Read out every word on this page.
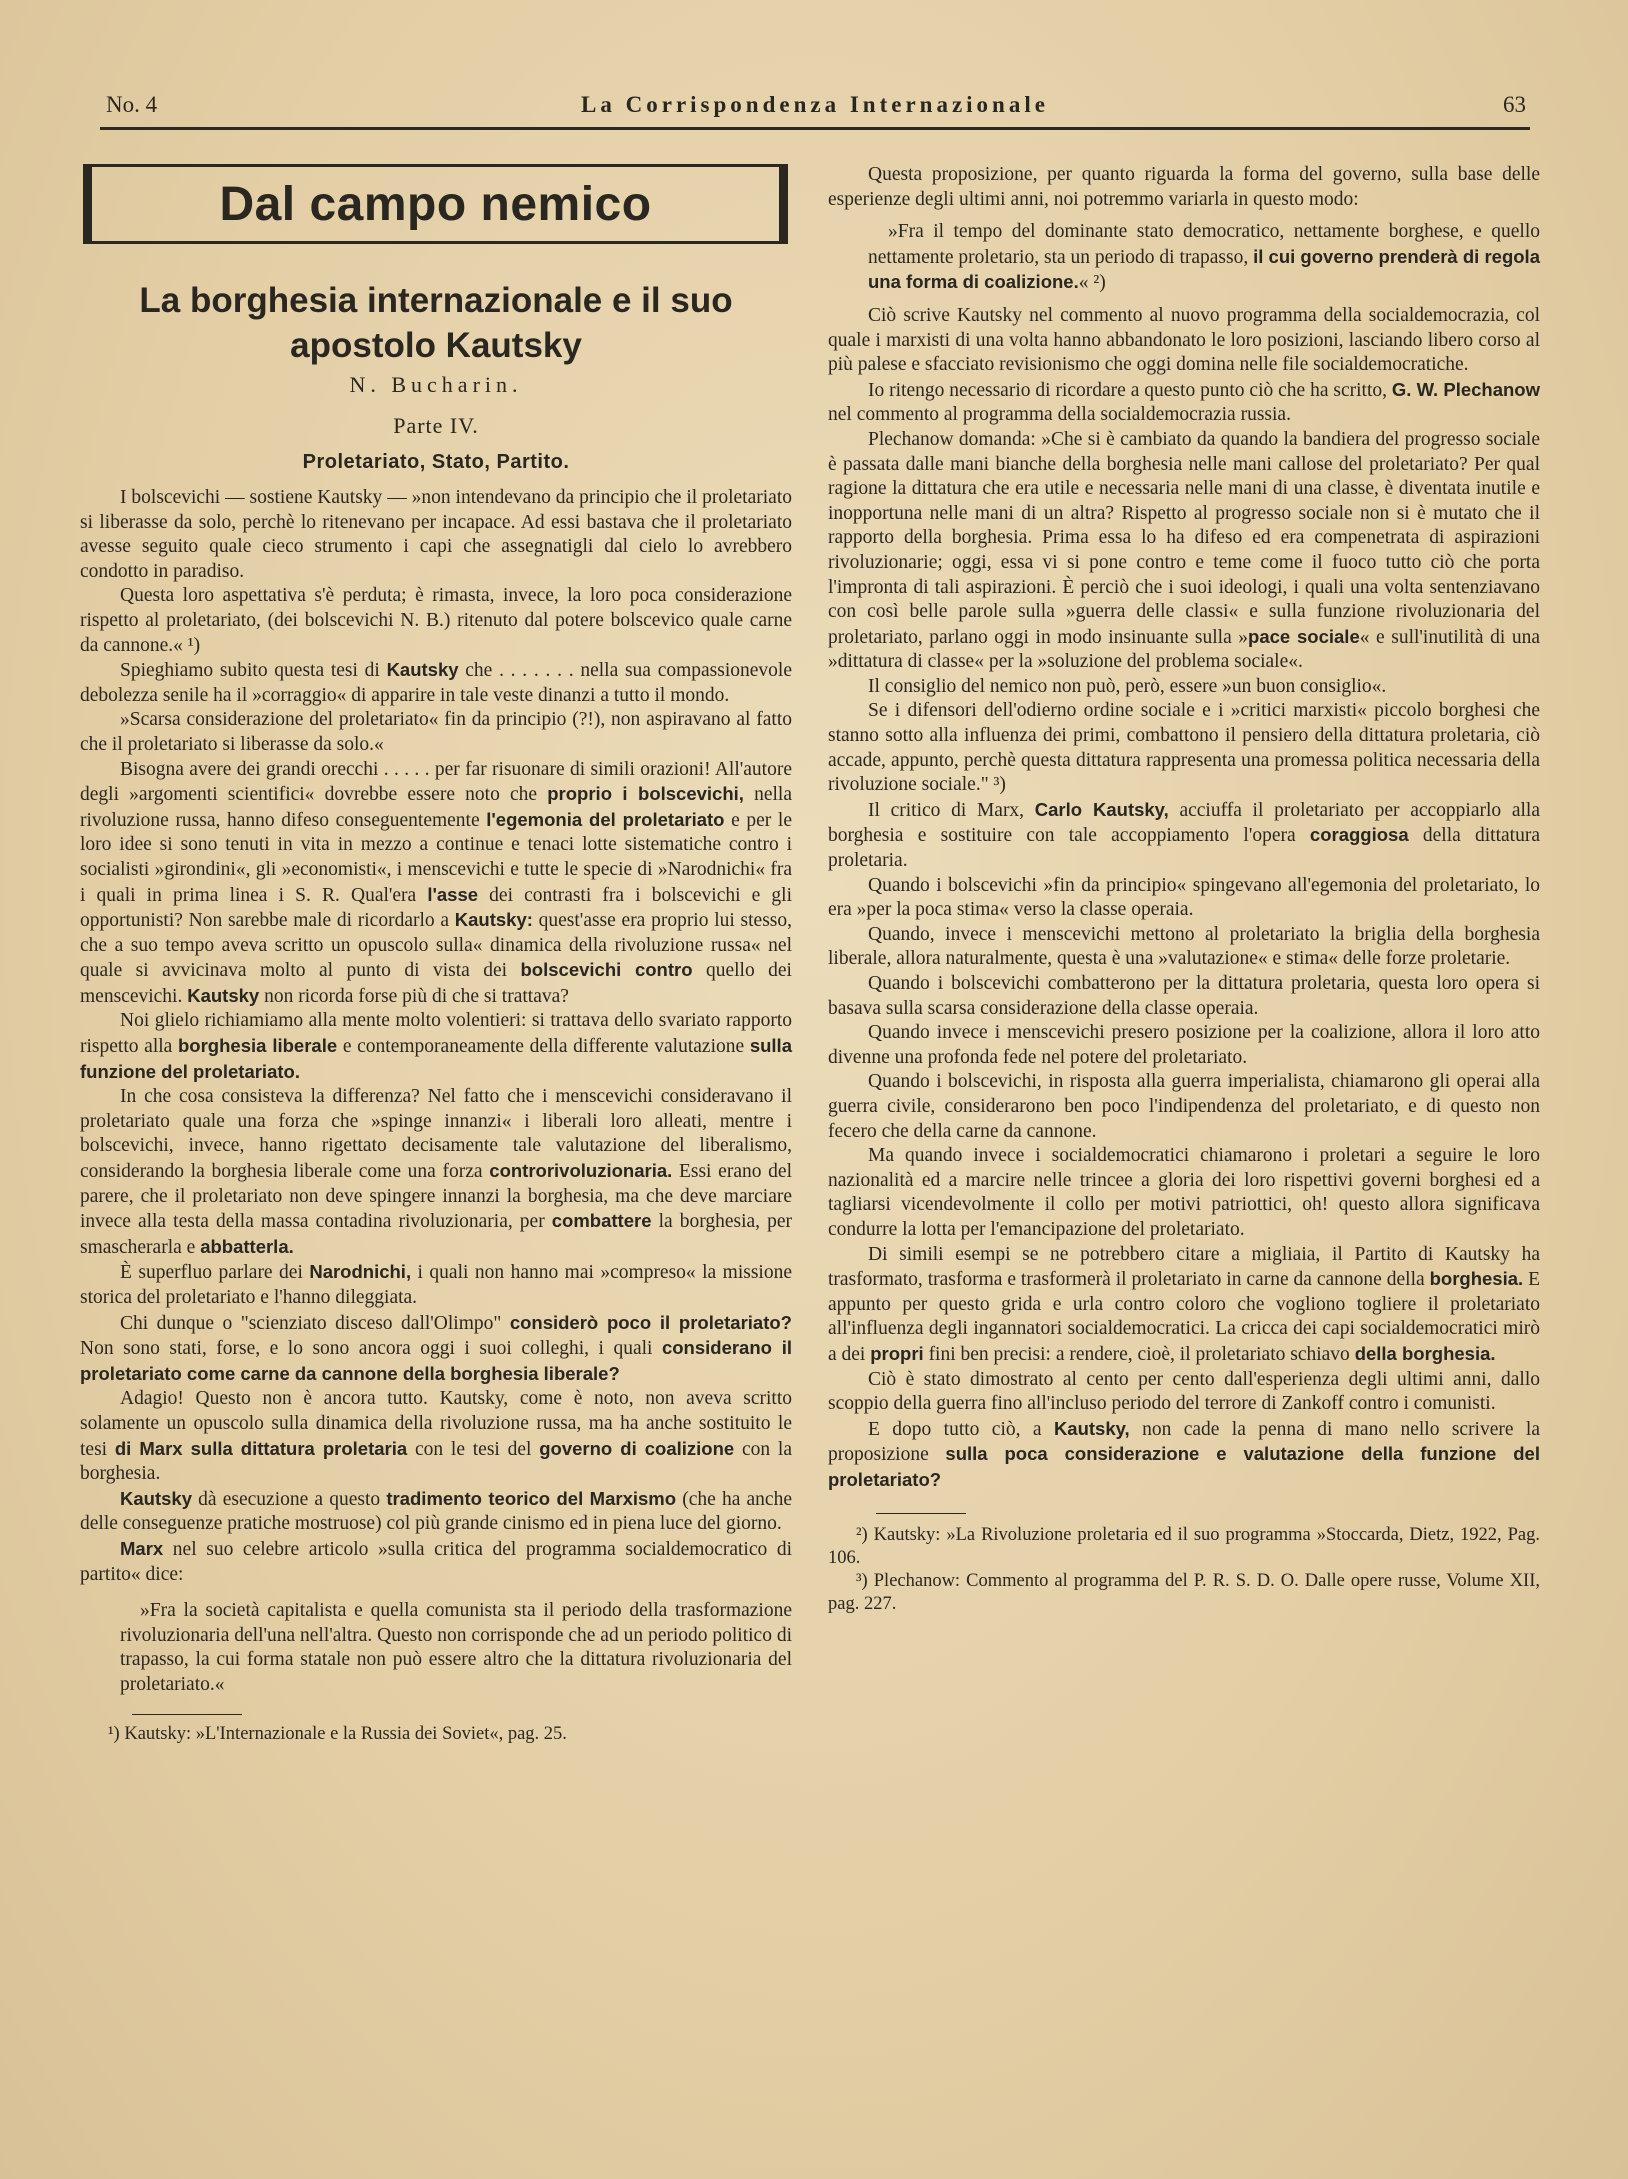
No. 4	La Corrispondenza Internazionale	63
Dal campo nemico
La borghesia internazionale e il suo apostolo Kautsky
N. Bucharin.
Parte IV.
Proletariato, Stato, Partito.

I bolscevichi — sostiene Kautsky — »non intendevano da principio che il proletariato si liberasse da solo, perchè lo ritenevano per incapace. Ad essi bastava che il proletariato avesse seguito quale cieco strumento i capi che assegnatigli dal cielo lo avrebbero condotto in paradiso.

Questa loro aspettativa s'è perduta; è rimasta, invece, la loro poca considerazione rispetto al proletariato, (dei bolscevichi N. B.) ritenuto dal potere bolscevico quale carne da cannone.« ¹)

Spieghiamo subito questa tesi di Kautsky che . . . . . . . nella sua compassionevole debolezza senile ha il »corraggio« di apparire in tale veste dinanzi a tutto il mondo.

»Scarsa considerazione del proletariato« fin da principio (?!), non aspiravano al fatto che il proletariato si liberasse da solo.«

Bisogna avere dei grandi orecchi . . . . . per far risuonare di simili orazioni! All'autore degli »argomenti scientifici« dovrebbe essere noto che proprio i bolscevichi, nella rivoluzione russa, hanno difeso conseguentemente l'egemonia del proletariato e per le loro idee si sono tenuti in vita in mezzo a continue e tenaci lotte sistematiche contro i socialisti »girondini«, gli »economisti«, i menscevichi e tutte le specie di »Narodnichi« fra i quali in prima linea i S. R. Qual'era l'asse dei contrasti fra i bolscevichi e gli opportunisti? Non sarebbe male di ricordarlo a Kautsky: quest'asse era proprio lui stesso, che a suo tempo aveva scritto un opuscolo sulla« dinamica della rivoluzione russa« nel quale si avvicinava molto al punto di vista dei bolscevichi contro quello dei menscevichi. Kautsky non ricorda forse più di che si trattava?

Noi glielo richiamiamo alla mente molto volentieri: si trattava dello svariato rapporto rispetto alla borghesia liberale e contemporaneamente della differente valutazione sulla funzione del proletariato.

In che cosa consisteva la differenza? Nel fatto che i menscevichi consideravano il proletariato quale una forza che »spinge innanzi« i liberali loro alleati, mentre i bolscevichi, invece, hanno rigettato decisamente tale valutazione del liberalismo, considerando la borghesia liberale come una forza controrivoluzionaria. Essi erano del parere, che il proletariato non deve spingere innanzi la borghesia, ma che deve marciare invece alla testa della massa contadina rivoluzionaria, per combattere la borghesia, per smascherarla e abbatterla.

È superfluo parlare dei Narodnichi, i quali non hanno mai »compreso« la missione storica del proletariato e l'hanno dileggiata.

Chi dunque o "scienziato disceso dall'Olimpo" considerò poco il proletariato? Non sono stati, forse, e lo sono ancora oggi i suoi colleghi, i quali considerano il proletariato come carne da cannone della borghesia liberale?

Adagio! Questo non è ancora tutto. Kautsky, come è noto, non aveva scritto solamente un opuscolo sulla dinamica della rivoluzione russa, ma ha anche sostituito le tesi di Marx sulla dittatura proletaria con le tesi del governo di coalizione con la borghesia.

Kautsky dà esecuzione a questo tradimento teorico del Marxismo (che ha anche delle conseguenze pratiche mostruose) col più grande cinismo ed in piena luce del giorno.

Marx nel suo celebre articolo »sulla critica del programma socialdemocratico di partito« dice:

»Fra la società capitalista e quella comunista sta il periodo della trasformazione rivoluzionaria dell'una nell'altra. Questo non corrisponde che ad un periodo politico di trapasso, la cui forma statale non può essere altro che la dittatura rivoluzionaria del proletariato.«

¹) Kautsky: »L'Internazionale e la Russia dei Soviet«, pag. 25.

Questa proposizione, per quanto riguarda la forma del governo, sulla base delle esperienze degli ultimi anni, noi potremmo variarla in questo modo:

»Fra il tempo del dominante stato democratico, nettamente borghese, e quello nettamente proletario, sta un periodo di trapasso, il cui governo prenderà di regola una forma di coalizione.« ²)

Ciò scrive Kautsky nel commento al nuovo programma della socialdemocrazia, col quale i marxisti di una volta hanno abbandonato le loro posizioni, lasciando libero corso al più palese e sfacciato revisionismo che oggi domina nelle file socialdemocratiche.

Io ritengo necessario di ricordare a questo punto ciò che ha scritto, G. W. Plechanow nel commento al programma della socialdemocrazia russia.

Plechanow domanda: »Che si è cambiato da quando la bandiera del progresso sociale è passata dalle mani bianche della borghesia nelle mani callose del proletariato? Per qual ragione la dittatura che era utile e necessaria nelle mani di una classe, è diventata inutile e inopportuna nelle mani di un altra? Rispetto al progresso sociale non si è mutato che il rapporto della borghesia. Prima essa lo ha difeso ed era compenetrata di aspirazioni rivoluzionarie; oggi, essa vi si pone contro e teme come il fuoco tutto ciò che porta l'impronta di tali aspirazioni. È perciò che i suoi ideologi, i quali una volta sentenziavano con così belle parole sulla »guerra delle classi« e sulla funzione rivoluzionaria del proletariato, parlano oggi in modo insinuante sulla »pace sociale« e sull'inutilità di una »dittatura di classe« per la »soluzione del problema sociale«.

Il consiglio del nemico non può, però, essere »un buon consiglio«.

Se i difensori dell'odierno ordine sociale e i »critici marxisti« piccolo borghesi che stanno sotto alla influenza dei primi, combattono il pensiero della dittatura proletaria, ciò accade, appunto, perchè questa dittatura rappresenta una promessa politica necessaria della rivoluzione sociale." ³)

Il critico di Marx, Carlo Kautsky, acciuffa il proletariato per accoppiarlo alla borghesia e sostituire con tale accoppiamento l'opera coraggiosa della dittatura proletaria.

Quando i bolscevichi »fin da principio« spingevano all'egemonia del proletariato, lo era »per la poca stima« verso la classe operaia.

Quando, invece i menscevichi mettono al proletariato la briglia della borghesia liberale, allora naturalmente, questa è una »valutazione« e stima« delle forze proletarie.

Quando i bolscevichi combatterono per la dittatura proletaria, questa loro opera si basava sulla scarsa considerazione della classe operaia.

Quando invece i menscevichi presero posizione per la coalizione, allora il loro atto divenne una profonda fede nel potere del proletariato.

Quando i bolscevichi, in risposta alla guerra imperialista, chiamarono gli operai alla guerra civile, considerarono ben poco l'indipendenza del proletariato, e di questo non fecero che della carne da cannone.

Ma quando invece i socialdemocratici chiamarono i proletari a seguire le loro nazionalità ed a marcire nelle trincee a gloria dei loro rispettivi governi borghesi ed a tagliarsi vicendevolmente il collo per motivi patriottici, oh! questo allora significava condurre la lotta per l'emancipazione del proletariato.

Di simili esempi se ne potrebbero citare a migliaia, il Partito di Kautsky ha trasformato, trasforma e trasformerà il proletariato in carne da cannone della borghesia. E appunto per questo grida e urla contro coloro che vogliono togliere il proletariato all'influenza degli ingannatori socialdemocratici. La cricca dei capi socialdemocratici mirò a dei propri fini ben precisi: a rendere, cioè, il proletariato schiavo della borghesia.

Ciò è stato dimostrato al cento per cento dall'esperienza degli ultimi anni, dallo scoppio della guerra fino all'incluso periodo del terrore di Zankoff contro i comunisti.

E dopo tutto ciò, a Kautsky, non cade la penna di mano nello scrivere la proposizione sulla poca considerazione e valutazione della funzione del proletariato?

²) Kautsky: »La Rivoluzione proletaria ed il suo programma »Stoccarda, Dietz, 1922, Pag. 106.

³) Plechanow: Commento al programma del P. R. S. D. O. Dalle opere russe, Volume XII, pag. 227.
